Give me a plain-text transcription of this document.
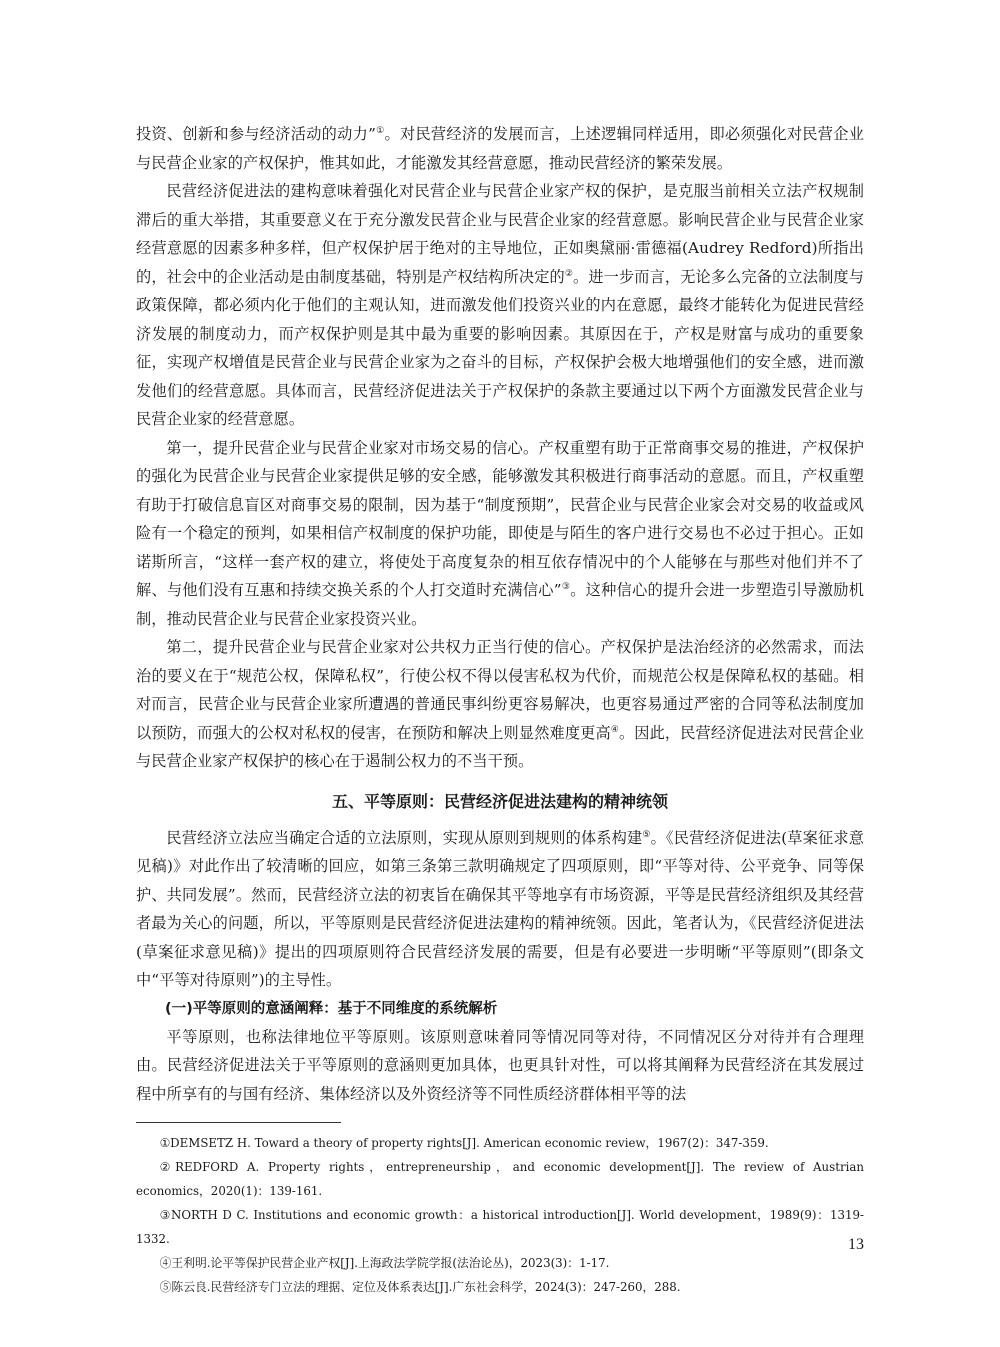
投资、创新和参与经济活动的动力”①。对民营经济的发展而言，上述逻辑同样适用，即必须强化对民营企业与民营企业家的产权保护，惟其如此，才能激发其经营意愿，推动民营经济的繁荣发展。

民营经济促进法的建构意味着强化对民营企业与民营企业家产权的保护，是克服当前相关立法产权规制滞后的重大举措，其重要意义在于充分激发民营企业与民营企业家的经营意愿。影响民营企业与民营企业家经营意愿的因素多种多样，但产权保护居于绝对的主导地位，正如奥黛丽·雷德福(Audrey Redford)所指出的，社会中的企业活动是由制度基础，特别是产权结构所决定的②。进一步而言，无论多么完备的立法制度与政策保障，都必须内化于他们的主观认知，进而激发他们投资兴业的内在意愿，最终才能转化为促进民营经济发展的制度动力，而产权保护则是其中最为重要的影响因素。其原因在于，产权是财富与成功的重要象征，实现产权增值是民营企业与民营企业家为之奋斗的目标，产权保护会极大地增强他们的安全感，进而激发他们的经营意愿。具体而言，民营经济促进法关于产权保护的条款主要通过以下两个方面激发民营企业与民营企业家的经营意愿。

第一，提升民营企业与民营企业家对市场交易的信心。产权重塑有助于正常商事交易的推进，产权保护的强化为民营企业与民营企业家提供足够的安全感，能够激发其积极进行商事活动的意愿。而且，产权重塑有助于打破信息盲区对商事交易的限制，因为基于“制度预期”，民营企业与民营企业家会对交易的收益或风险有一个稳定的预判，如果相信产权制度的保护功能，即使是与陌生的客户进行交易也不必过于担心。正如诺斯所言，“这样一套产权的建立，将使处于高度复杂的相互依存情况中的个人能够在与那些对他们并不了解、与他们没有互惠和持续交换关系的个人打交道时充满信心”③。这种信心的提升会进一步塑造引导激励机制，推动民营企业与民营企业家投资兴业。

第二，提升民营企业与民营企业家对公共权力正当行使的信心。产权保护是法治经济的必然需求，而法治的要义在于“规范公权，保障私权”，行使公权不得以侵害私权为代价，而规范公权是保障私权的基础。相对而言，民营企业与民营企业家所遭遇的普通民事纠纷更容易解决，也更容易通过严密的合同等私法制度加以预防，而强大的公权对私权的侵害，在预防和解决上则显然难度更高④。因此，民营经济促进法对民营企业与民营企业家产权保护的核心在于遏制公权力的不当干预。

五、平等原则：民营经济促进法建构的精神统领

民营经济立法应当确定合适的立法原则，实现从原则到规则的体系构建⑤。《民营经济促进法(草案征求意见稿)》对此作出了较清晰的回应，如第三条第三款明确规定了四项原则，即“平等对待、公平竞争、同等保护、共同发展”。然而，民营经济立法的初衷旨在确保其平等地享有市场资源，平等是民营经济组织及其经营者最为关心的问题，所以，平等原则是民营经济促进法建构的精神统领。因此，笔者认为，《民营经济促进法(草案征求意见稿)》提出的四项原则符合民营经济发展的需要，但是有必要进一步明晰“平等原则”(即条文中“平等对待原则”)的主导性。

(一)平等原则的意涵阐释：基于不同维度的系统解析

平等原则，也称法律地位平等原则。该原则意味着同等情况同等对待，不同情况区分对待并有合理理由。民营经济促进法关于平等原则的意涵则更加具体，也更具针对性，可以将其阐释为民营经济在其发展过程中所享有的与国有经济、集体经济以及外资经济等不同性质经济群体相平等的法

①DEMSETZ H. Toward a theory of property rights[J]. American economic review，1967(2)：347-359.

②REDFORD A. Property rights，entrepreneurship，and economic development[J]. The review of Austrian economics，2020(1)：139-161.

③NORTH D C. Institutions and economic growth：a historical introduction[J]. World development，1989(9)：1319-1332.

④王利明.论平等保护民营企业产权[J].上海政法学院学报(法治论丛)，2023(3)：1-17.

⑤陈云良.民营经济专门立法的理据、定位及体系表达[J].广东社会科学，2024(3)：247-260，288.

13
